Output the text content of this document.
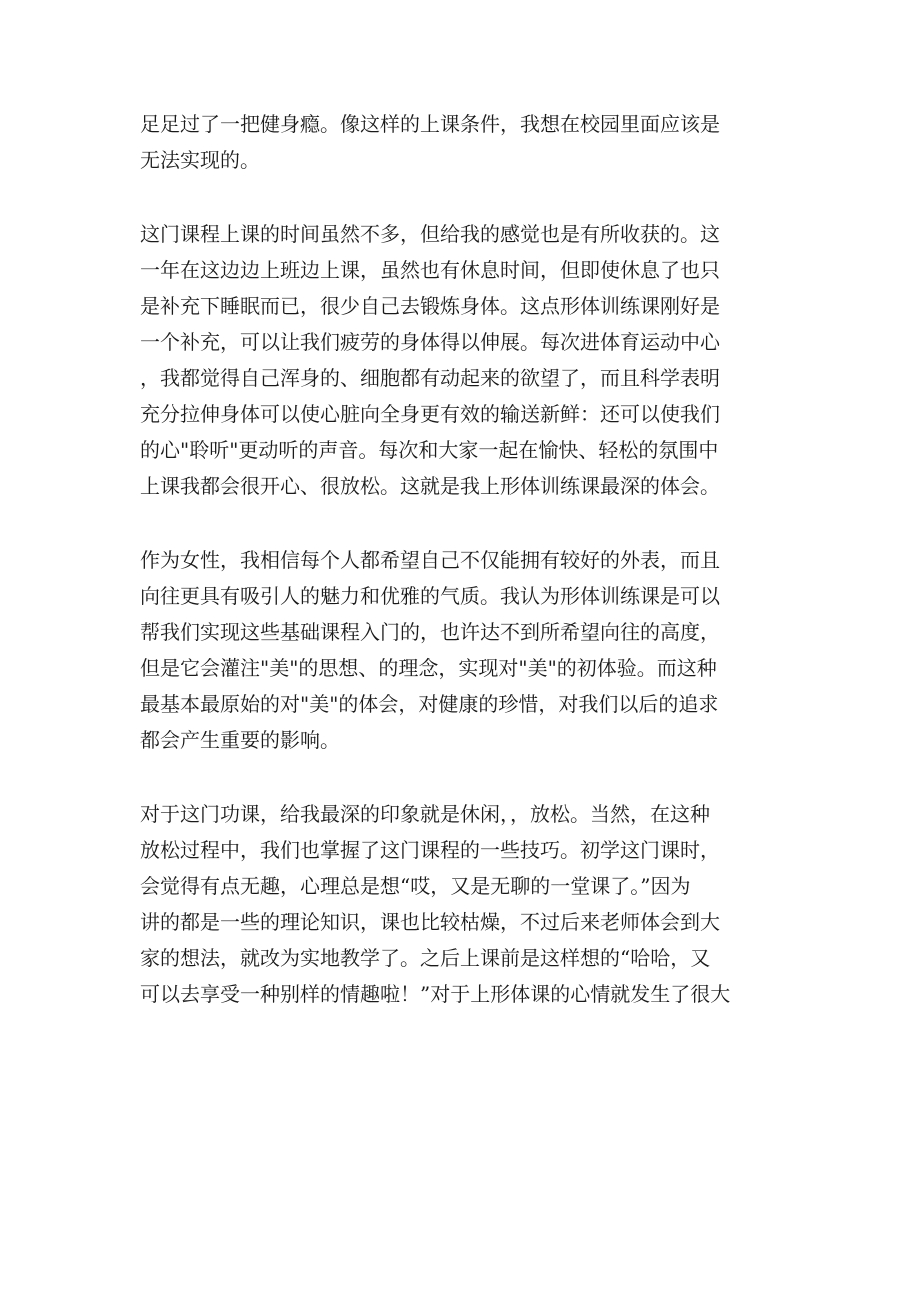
足足过了一把健身瘾。像这样的上课条件，我想在校园里面应该是
无法实现的。
这门课程上课的时间虽然不多，但给我的感觉也是有所收获的。这
一年在这边边上班边上课，虽然也有休息时间，但即使休息了也只
是补充下睡眠而已，很少自己去锻炼身体。这点形体训练课刚好是
一个补充，可以让我们疲劳的身体得以伸展。每次进体育运动中心
，我都觉得自己浑身的、细胞都有动起来的欲望了，而且科学表明
充分拉伸身体可以使心脏向全身更有效的输送新鲜：还可以使我们
的心"聆听"更动听的声音。每次和大家一起在愉快、轻松的氛围中
上课我都会很开心、很放松。这就是我上形体训练课最深的体会。
作为女性，我相信每个人都希望自己不仅能拥有较好的外表，而且
向往更具有吸引人的魅力和优雅的气质。我认为形体训练课是可以
帮我们实现这些基础课程入门的，也许达不到所希望向往的高度，
但是它会灌注"美"的思想、的理念，实现对"美"的初体验。而这种
最基本最原始的对"美"的体会，对健康的珍惜，对我们以后的追求
都会产生重要的影响。
对于这门功课，给我最深的印象就是休闲，，放松。当然，在这种
放松过程中，我们也掌握了这门课程的一些技巧。初学这门课时，
会觉得有点无趣，心理总是想“哎，又是无聊的一堂课了。”因为
讲的都是一些的理论知识，课也比较枯燥，不过后来老师体会到大
家的想法，就改为实地教学了。之后上课前是这样想的“哈哈，又
可以去享受一种别样的情趣啦！”对于上形体课的心情就发生了很大
